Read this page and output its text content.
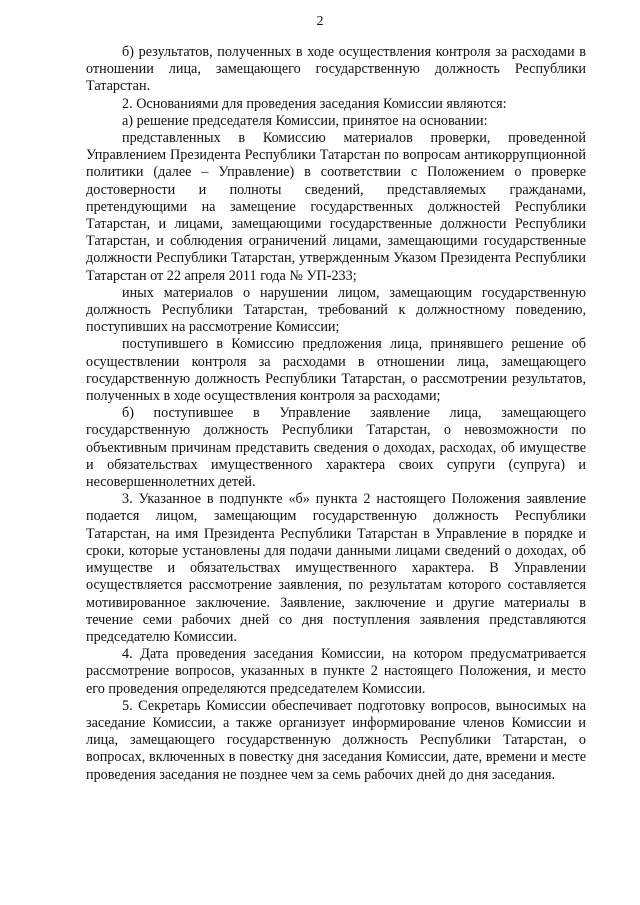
2

б) результатов, полученных в ходе осуществления контроля за расходами в отношении лица, замещающего государственную должность Республики Татарстан.

2. Основаниями для проведения заседания Комиссии являются:

а) решение председателя Комиссии, принятое на основании:

представленных в Комиссию материалов проверки, проведенной Управлением Президента Республики Татарстан по вопросам антикоррупционной политики (далее – Управление) в соответствии с Положением о проверке достоверности и полноты сведений, представляемых гражданами, претендующими на замещение государственных должностей Республики Татарстан, и лицами, замещающими государственные должности Республики Татарстан, и соблюдения ограничений лицами, замещающими государственные должности Республики Татарстан, утвержденным Указом Президента Республики Татарстан от 22 апреля 2011 года № УП-233;

иных материалов о нарушении лицом, замещающим государственную должность Республики Татарстан, требований к должностному поведению, поступивших на рассмотрение Комиссии;

поступившего в Комиссию предложения лица, принявшего решение об осуществлении контроля за расходами в отношении лица, замещающего государственную должность Республики Татарстан, о рассмотрении результатов, полученных в ходе осуществления контроля за расходами;

б) поступившее в Управление заявление лица, замещающего государственную должность Республики Татарстан, о невозможности по объективным причинам представить сведения о доходах, расходах, об имуществе и обязательствах имущественного характера своих супруги (супруга) и несовершеннолетних детей.

3. Указанное в подпункте «б» пункта 2 настоящего Положения заявление подается лицом, замещающим государственную должность Республики Татарстан, на имя Президента Республики Татарстан в Управление в порядке и сроки, которые установлены для подачи данными лицами сведений о доходах, об имуществе и обязательствах имущественного характера. В Управлении осуществляется рассмотрение заявления, по результатам которого составляется мотивированное заключение. Заявление, заключение и другие материалы в течение семи рабочих дней со дня поступления заявления представляются председателю Комиссии.

4. Дата проведения заседания Комиссии, на котором предусматривается рассмотрение вопросов, указанных в пункте 2 настоящего Положения, и место его проведения определяются председателем Комиссии.

5. Секретарь Комиссии обеспечивает подготовку вопросов, выносимых на заседание Комиссии, а также организует информирование членов Комиссии и лица, замещающего государственную должность Республики Татарстан, о вопросах, включенных в повестку дня заседания Комиссии, дате, времени и месте проведения заседания не позднее чем за семь рабочих дней до дня заседания.
